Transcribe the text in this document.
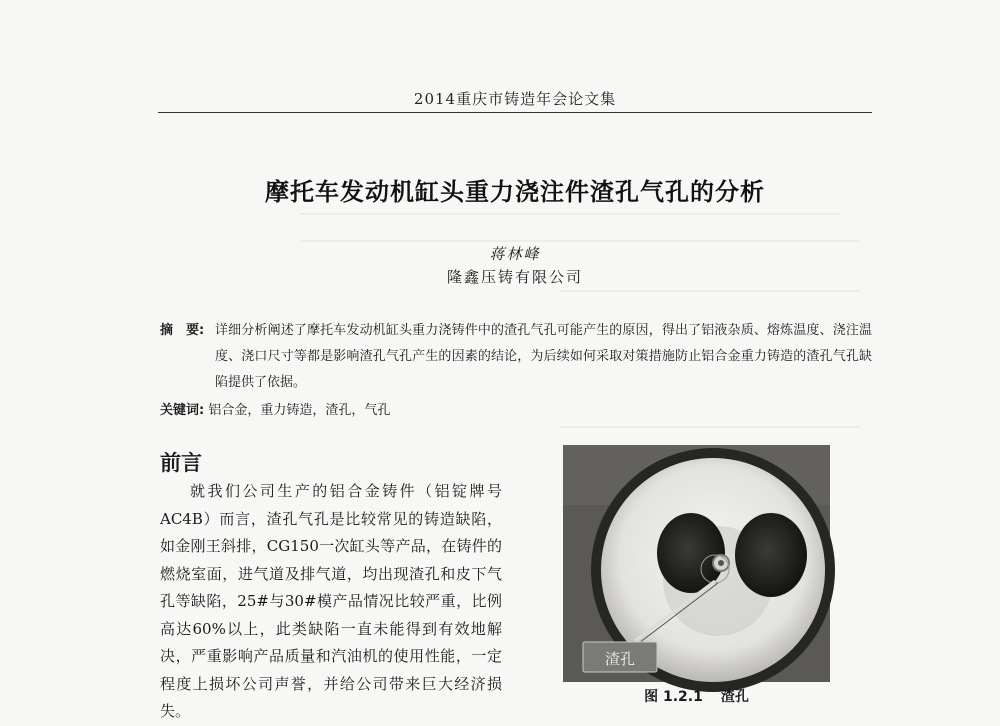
2014重庆市铸造年会论文集
摩托车发动机缸头重力浇注件渣孔气孔的分析
蒋林峰
隆鑫压铸有限公司
摘　要: 详细分析阐述了摩托车发动机缸头重力浇铸件中的渣孔气孔可能产生的原因，得出了铝液杂质、熔炼温度、浇注温度、浇口尺寸等都是影响渣孔气孔产生的因素的结论，为后续如何采取对策措施防止铝合金重力铸造的渣孔气孔缺陷提供了依据。
关键词: 铝合金，重力铸造，渣孔，气孔
前言
就我们公司生产的铝合金铸件（铝锭牌号AC4B）而言，渣孔气孔是比较常见的铸造缺陷，如金刚王斜排，CG150一次缸头等产品，在铸件的燃烧室面，进气道及排气道，均出现渣孔和皮下气孔等缺陷，25#与30#模产品情况比较严重，比例高达60%以上，此类缺陷一直未能得到有效地解决，严重影响产品质量和汽油机的使用性能，一定程度上损坏公司声誉，并给公司带来巨大经济损失。
渣孔
图 1.2.1 渣孔
